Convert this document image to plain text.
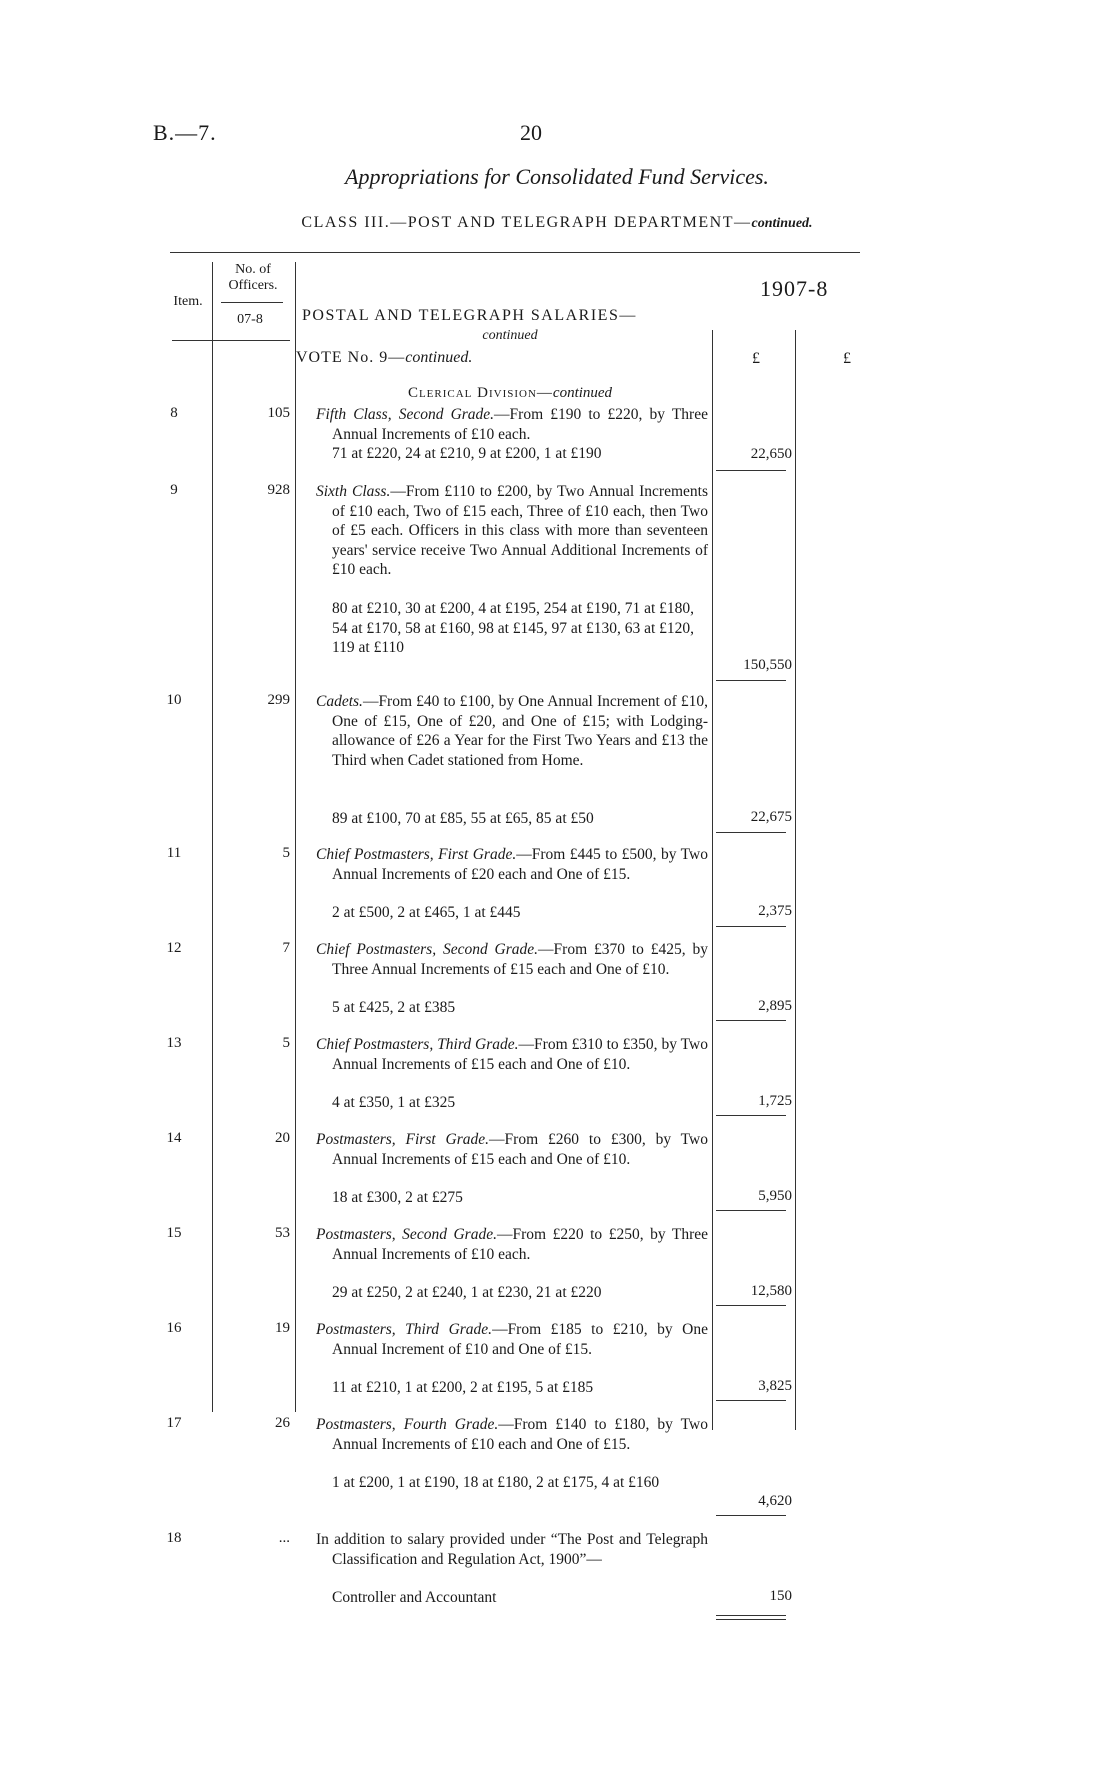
B.—7.	20
Appropriations for Consolidated Fund Services.
CLASS III.—POST AND TELEGRAPH DEPARTMENT—continued.
No. of Officers.
Item.
07-8
1907-8
£	£
POSTAL AND TELEGRAPH SALARIES—
continued
VOTE No. 9—continued.
Clerical Division—continued
8	105 Fifth Class, Second Grade.—From £190 to £220, by Three Annual Increments of £10 each.
71 at £220, 24 at £210, 9 at £200, 1 at £190	22,650
9	928 Sixth Class.—From £110 to £200, by Two Annual Increments of £10 each, Two of £15 each, Three of £10 each, then Two of £5 each. Officers in this class with more than seventeen years' service receive Two Annual Additional Increments of £10 each.
80 at £210, 30 at £200, 4 at £195, 254 at £190, 71 at £180, 54 at £170, 58 at £160, 98 at £145, 97 at £130, 63 at £120, 119 at £110
150,550
10	299 Cadets.—From £40 to £100, by One Annual Increment of £10, One of £15, One of £20, and One of £15; with Lodging-allowance of £26 a Year for the First Two Years and £13 the Third when Cadet stationed from Home.
89 at £100, 70 at £85, 55 at £65, 85 at £50	22,675
11	5 Chief Postmasters, First Grade.—From £445 to £500, by Two Annual Increments of £20 each and One of £15.
2 at £500, 2 at £465, 1 at £445	2,375
12	7 Chief Postmasters, Second Grade.—From £370 to £425, by Three Annual Increments of £15 each and One of £10.
5 at £425, 2 at £385	2,895
13	5 Chief Postmasters, Third Grade.—From £310 to £350, by Two Annual Increments of £15 each and One of £10.
4 at £350, 1 at £325	1,725
14	20 Postmasters, First Grade.—From £260 to £300, by Two Annual Increments of £15 each and One of £10.
18 at £300, 2 at £275	5,950
15	53 Postmasters, Second Grade.—From £220 to £250, by Three Annual Increments of £10 each.
29 at £250, 2 at £240, 1 at £230, 21 at £220	12,580
16	19 Postmasters, Third Grade.—From £185 to £210, by One Annual Increment of £10 and One of £15.
11 at £210, 1 at £200, 2 at £195, 5 at £185	3,825
17	26 Postmasters, Fourth Grade.—From £140 to £180, by Two Annual Increments of £10 each and One of £15.
1 at £200, 1 at £190, 18 at £180, 2 at £175, 4 at £160
4,620
18	... In addition to salary provided under “The Post and Telegraph Classification and Regulation Act, 1900”—
Controller and Accountant	150
